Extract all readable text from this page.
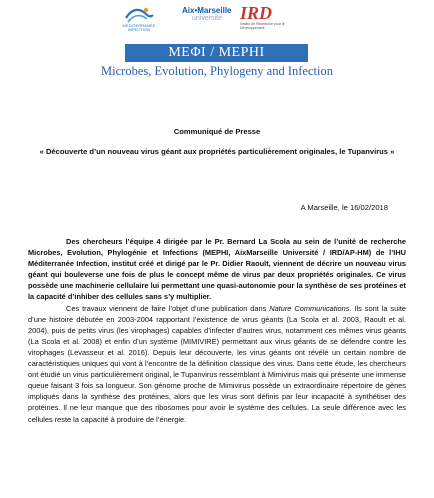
MÉDITERRANÉE
INFECTION
Aix•Marseille
université	IRD
Institut de Recherche pour le Développement
MEΦI / MEPHI
Microbes, Evolution, Phylogeny and Infection
Communiqué de Presse
« Découverte d’un nouveau virus géant aux propriétés particulièrement originales, le Tupanvirus »
A Marseille, le 16/02/2018

Des chercheurs l’équipe 4 dirigée par le Pr. Bernard La Scola au sein de l’unité de recherche Microbes, Evolution, Phylogénie et Infections (MEPHI, AixMarseille Université / IRD/AP-HM) de l’IHU Méditerranée Infection, institut créé et dirigé par le Pr. Didier Raoult, viennent de décrire un nouveau virus géant qui bouleverse une fois de plus le concept même de virus par deux propriétés originales. Ce virus possède une machinerie cellulaire lui permettant une quasi-autonomie pour la synthèse de ses protéines et la capacité d’inhiber des cellules sans s’y multiplier.

Ces travaux viennent de faire l’objet d’une publication dans Nature Communications. Ils sont la suite d’une histoire débutée en 2003-2004 rapportant l’existence de virus géants (La Scola et al. 2003, Raoult et al. 2004), puis de petits virus (les virophages) capables d’infecter d’autres virus, notamment ces mêmes virus géants (La Scola et al. 2008) et enfin d’un système (MIMIVIRE) permettant aux virus géants de se défendre contre les virophages (Levasseur et al. 2016). Depuis leur découverte, les virus géants ont révélé un certain nombre de caractéristiques uniques qui vont à l’encontre de la définition classique des virus. Dans cette étude, les chercheurs ont étudié un virus particulièrement original, le Tupanvirus ressemblant à Mimivirus mais qui présente une immense queue faisant 3 fois sa longueur. Son génome proche de Mimivirus possède un extraordinaire répertoire de gènes impliqués dans la synthèse des protéines, alors que les virus sont définis par leur incapacité à synthétiser des protéines. Il ne leur manque que des ribosomes pour avoir le système des cellules. La seule différence avec les cellules reste la capacité à produire de l’énergie.
